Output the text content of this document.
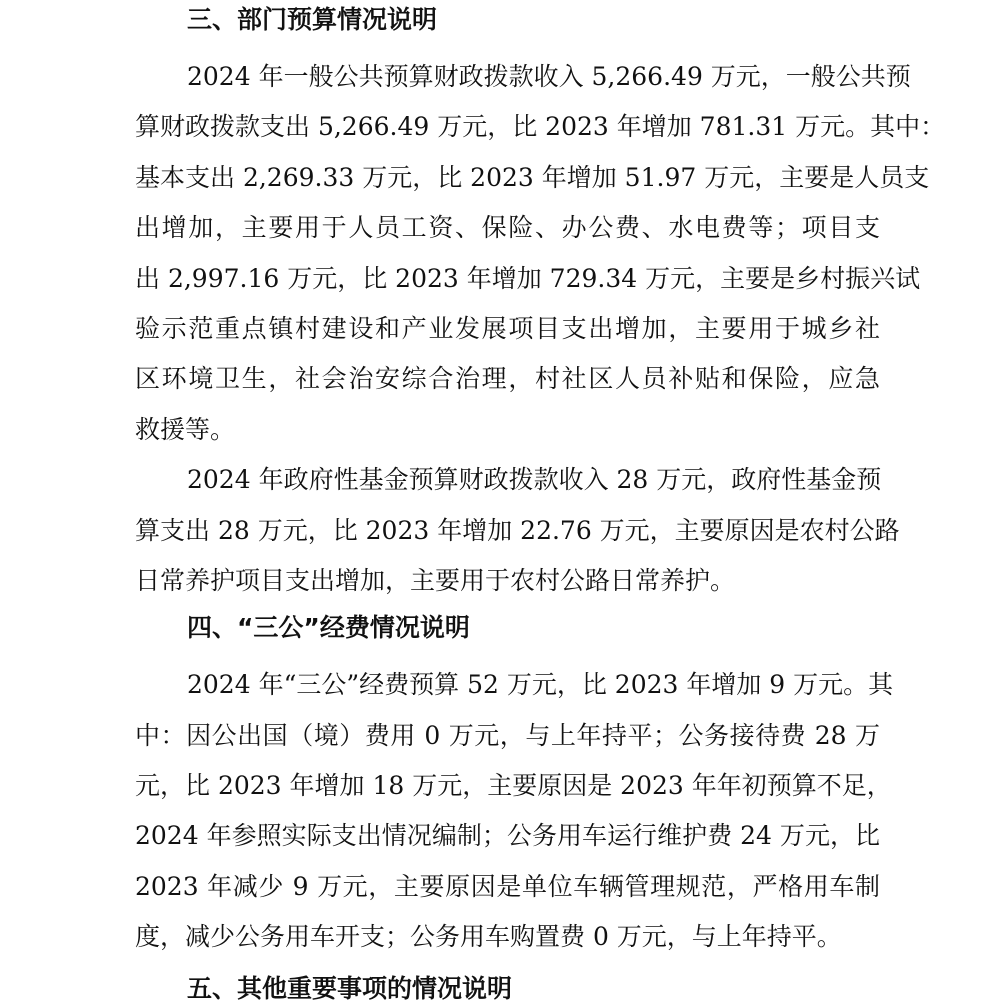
三、部门预算情况说明
2024 年一般公共预算财政拨款收入 5,266.49 万元，一般公共预
算财政拨款支出 5,266.49 万元，比 2023 年增加 781.31 万元。其中：
基本支出 2,269.33 万元，比 2023 年增加 51.97 万元，主要是人员支
出增加，主要用于人员工资、保险、办公费、水电费等；项目支
出 2,997.16 万元，比 2023 年增加 729.34 万元，主要是乡村振兴试
验示范重点镇村建设和产业发展项目支出增加，主要用于城乡社
区环境卫生，社会治安综合治理，村社区人员补贴和保险，应急
救援等。
2024 年政府性基金预算财政拨款收入 28 万元，政府性基金预
算支出 28 万元，比 2023 年增加 22.76 万元，主要原因是农村公路
日常养护项目支出增加，主要用于农村公路日常养护。
四、“三公”经费情况说明
2024 年“三公”经费预算 52 万元，比 2023 年增加 9 万元。其
中：因公出国（境）费用 0 万元，与上年持平；公务接待费 28 万
元，比 2023 年增加 18 万元，主要原因是 2023 年年初预算不足，
2024 年参照实际支出情况编制；公务用车运行维护费 24 万元，比
2023 年减少 9 万元，主要原因是单位车辆管理规范，严格用车制
度，减少公务用车开支；公务用车购置费 0 万元，与上年持平。
五、其他重要事项的情况说明
